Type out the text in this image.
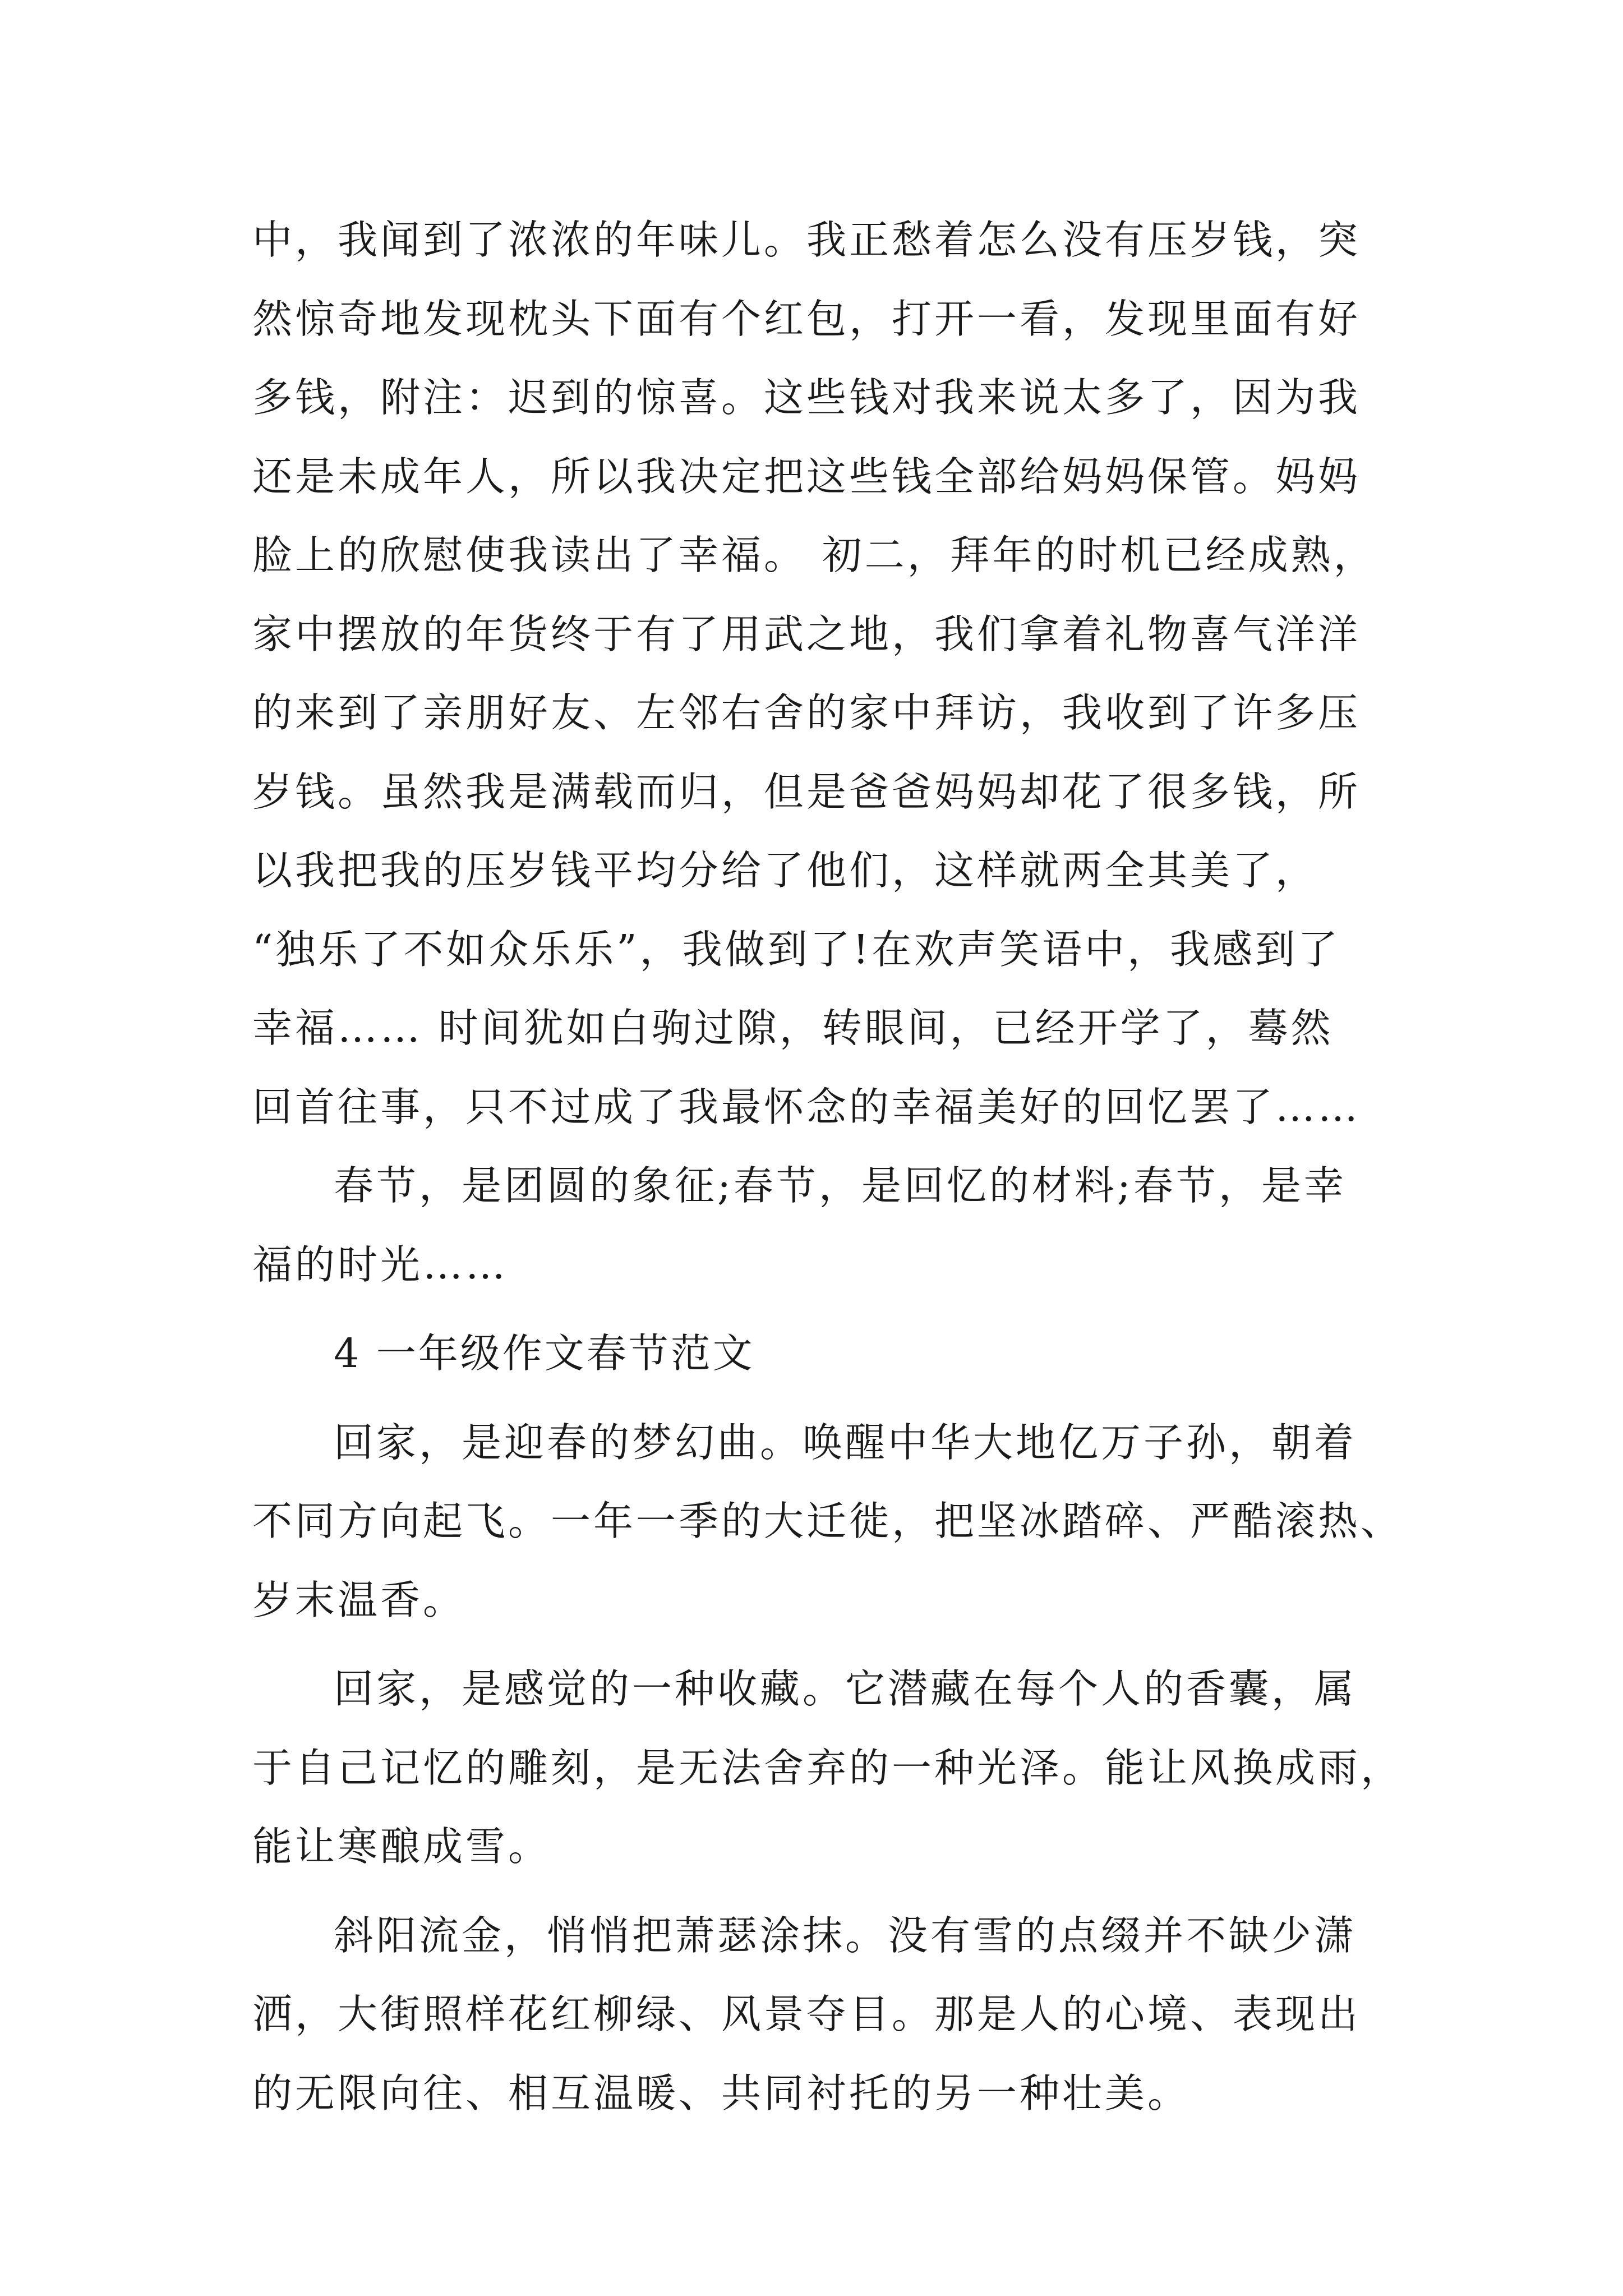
中，我闻到了浓浓的年味儿。我正愁着怎么没有压岁钱，突
然惊奇地发现枕头下面有个红包，打开一看，发现里面有好
多钱，附注：迟到的惊喜。这些钱对我来说太多了，因为我
还是未成年人，所以我决定把这些钱全部给妈妈保管。妈妈
脸上的欣慰使我读出了幸福。 初二，拜年的时机已经成熟，
家中摆放的年货终于有了用武之地，我们拿着礼物喜气洋洋
的来到了亲朋好友、左邻右舍的家中拜访，我收到了许多压
岁钱。虽然我是满载而归，但是爸爸妈妈却花了很多钱，所
以我把我的压岁钱平均分给了他们，这样就两全其美了，
“独乐了不如众乐乐”，我做到了!在欢声笑语中，我感到了
幸福…… 时间犹如白驹过隙，转眼间，已经开学了，蓦然
回首往事，只不过成了我最怀念的幸福美好的回忆罢了……
春节，是团圆的象征;春节，是回忆的材料;春节，是幸
福的时光……
4 一年级作文春节范文
回家，是迎春的梦幻曲。唤醒中华大地亿万子孙，朝着
不同方向起飞。一年一季的大迁徙，把坚冰踏碎、严酷滚热、
岁末温香。
回家，是感觉的一种收藏。它潜藏在每个人的香囊，属
于自己记忆的雕刻，是无法舍弃的一种光泽。能让风换成雨，
能让寒酿成雪。
斜阳流金，悄悄把萧瑟涂抹。没有雪的点缀并不缺少潇
洒，大街照样花红柳绿、风景夺目。那是人的心境、表现出
的无限向往、相互温暖、共同衬托的另一种壮美。
